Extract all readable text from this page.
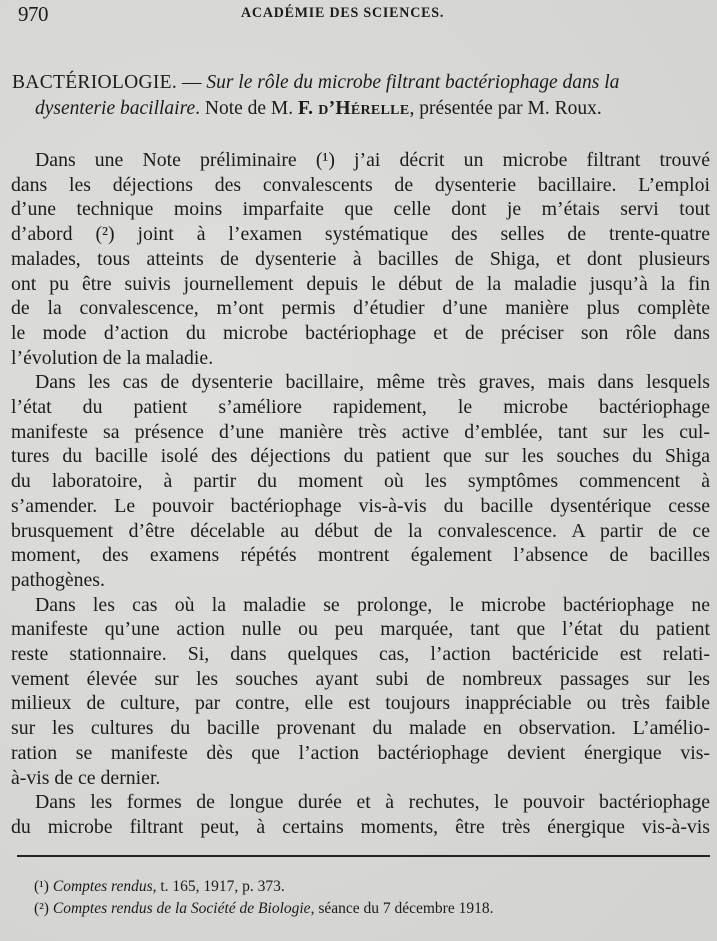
970	ACADÉMIE DES SCIENCES.
BACTÉRIOLOGIE. — Sur le rôle du microbe filtrant bactériophage dans la
dysenterie bacillaire. Note de M. F. d’Hérelle, présentée par M. Roux.

Dans une Note préliminaire (¹) j’ai décrit un microbe filtrant trouvé
dans les déjections des convalescents de dysenterie bacillaire. L’emploi
d’une technique moins imparfaite que celle dont je m’étais servi tout
d’abord (²) joint à l’examen systématique des selles de trente-quatre
malades, tous atteints de dysenterie à bacilles de Shiga, et dont plusieurs
ont pu être suivis journellement depuis le début de la maladie jusqu’à la fin
de la convalescence, m’ont permis d’étudier d’une manière plus complète
le mode d’action du microbe bactériophage et de préciser son rôle dans
l’évolution de la maladie.

Dans les cas de dysenterie bacillaire, même très graves, mais dans lesquels
l’état du patient s’améliore rapidement, le microbe bactériophage
manifeste sa présence d’une manière très active d’emblée, tant sur les cul-
tures du bacille isolé des déjections du patient que sur les souches du Shiga
du laboratoire, à partir du moment où les symptômes commencent à
s’amender. Le pouvoir bactériophage vis-à-vis du bacille dysentérique cesse
brusquement d’être décelable au début de la convalescence. A partir de ce
moment, des examens répétés montrent également l’absence de bacilles
pathogènes.

Dans les cas où la maladie se prolonge, le microbe bactériophage ne
manifeste qu’une action nulle ou peu marquée, tant que l’état du patient
reste stationnaire. Si, dans quelques cas, l’action bactéricide est relati-
vement élevée sur les souches ayant subi de nombreux passages sur les
milieux de culture, par contre, elle est toujours inappréciable ou très faible
sur les cultures du bacille provenant du malade en observation. L’amélio-
ration se manifeste dès que l’action bactériophage devient énergique vis-
à-vis de ce dernier.

Dans les formes de longue durée et à rechutes, le pouvoir bactériophage
du microbe filtrant peut, à certains moments, être très énergique vis-à-vis

(¹) Comptes rendus, t. 165, 1917, p. 373.
(²) Comptes rendus de la Société de Biologie, séance du 7 décembre 1918.
